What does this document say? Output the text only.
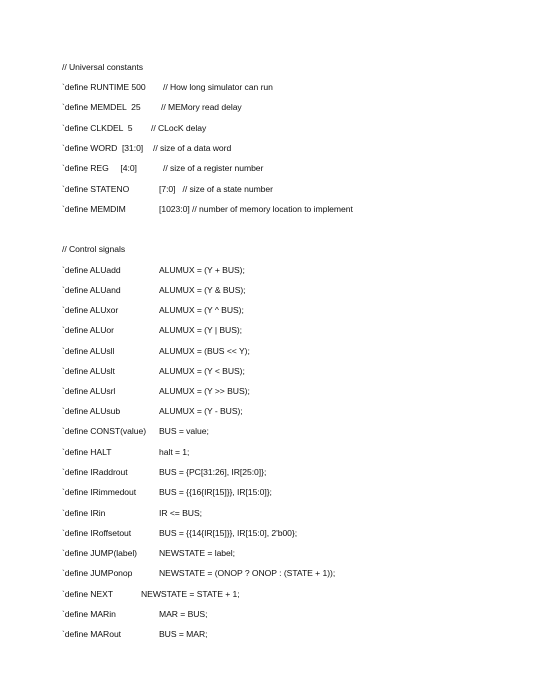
// Universal constants
`define RUNTIME 500 // How long simulator can run
`define MEMDEL  25 // MEMory read delay
`define CLKDEL  5 // CLocK delay
`define WORD  [31:0] // size of a data word
`define REG     [4:0]	// size of a register number
`define STATENO	[7:0]   // size of a state number
`define MEMDIM	[1023:0] // number of memory location to implement
// Control signals
`define ALUadd	ALUMUX = (Y + BUS);
`define ALUand	ALUMUX = (Y & BUS);
`define ALUxor	ALUMUX = (Y ^ BUS);
`define ALUor	ALUMUX = (Y | BUS);
`define ALUsll	ALUMUX = (BUS << Y);
`define ALUslt	ALUMUX = (Y < BUS);
`define ALUsrl	ALUMUX = (Y >> BUS);
`define ALUsub	ALUMUX = (Y - BUS);
`define CONST(value) BUS = value;
`define HALT	halt = 1;
`define IRaddrout	BUS = {PC[31:26], IR[25:0]};
`define IRimmedout	BUS = {{16{IR[15]}}, IR[15:0]};
`define IRin	IR <= BUS;
`define IRoffsetout	BUS = {{14{IR[15]}}, IR[15:0], 2'b00};
`define JUMP(label)	NEWSTATE = label;
`define JUMPonop	NEWSTATE = (ONOP ? ONOP : (STATE + 1));
`define NEXT	NEWSTATE = STATE + 1;
`define MARin	MAR = BUS;
`define MARout	BUS = MAR;
